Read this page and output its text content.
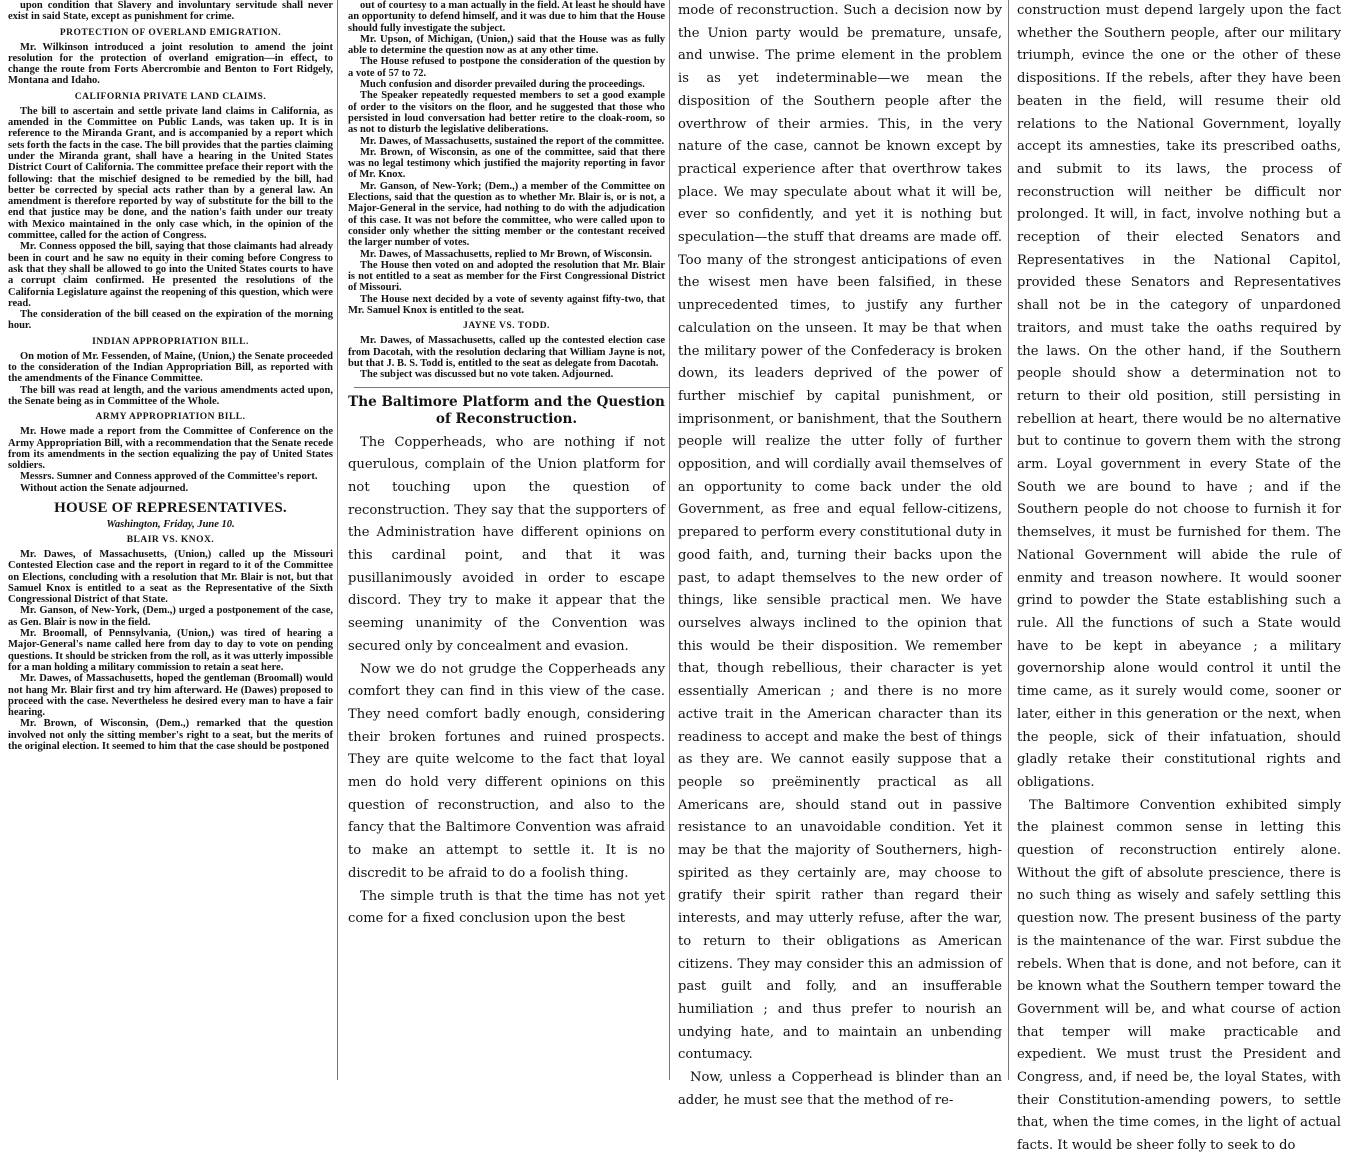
upon condition that Slavery and involuntary servitude shall never exist in said State, except as punishment for crime.

PROTECTION OF OVERLAND EMIGRATION.

Mr. Wilkinson introduced a joint resolution to amend the joint resolution for the protection of overland emigration—in effect, to change the route from Forts Abercrombie and Benton to Fort Ridgely, Montana and Idaho.

CALIFORNIA PRIVATE LAND CLAIMS.

The bill to ascertain and settle private land claims in California, as amended in the Committee on Public Lands, was taken up. It is in reference to the Miranda Grant, and is accompanied by a report which sets forth the facts in the case. The bill provides that the parties claiming under the Miranda grant, shall have a hearing in the United States District Court of California. The committee preface their report with the following: that the mischief designed to be remedied by the bill, had better be corrected by special acts rather than by a general law. An amendment is therefore reported by way of substitute for the bill to the end that justice may be done, and the nation's faith under our treaty with Mexico maintained in the only case which, in the opinion of the committee, called for the action of Congress.

Mr. Conness opposed the bill, saying that those claimants had already been in court and he saw no equity in their coming before Congress to ask that they shall be allowed to go into the United States courts to have a corrupt claim confirmed. He presented the resolutions of the California Legislature against the reopening of this question, which were read.

The consideration of the bill ceased on the expiration of the morning hour.

INDIAN APPROPRIATION BILL.

On motion of Mr. Fessenden, of Maine, (Union,) the Senate proceeded to the consideration of the Indian Appropriation Bill, as reported with the amendments of the Finance Committee.

The bill was read at length, and the various amendments acted upon, the Senate being as in Committee of the Whole.

ARMY APPROPRIATION BILL.

Mr. Howe made a report from the Committee of Conference on the Army Appropriation Bill, with a recommendation that the Senate recede from its amendments in the section equalizing the pay of United States soldiers.

Messrs. Sumner and Conness approved of the Committee's report.

Without action the Senate adjourned.

HOUSE OF REPRESENTATIVES.
Washington, Friday, June 10.
BLAIR VS. KNOX.

Mr. Dawes, of Massachusetts, (Union,) called up the Missouri Contested Election case and the report in regard to it of the Committee on Elections, concluding with a resolution that Mr. Blair is not, but that Samuel Knox is entitled to a seat as the Representative of the Sixth Congressional District of that State.

Mr. Ganson, of New-York, (Dem.,) urged a postponement of the case, as Gen. Blair is now in the field.

Mr. Broomall, of Pennsylvania, (Union,) was tired of hearing a Major-General's name called here from day to day to vote on pending questions. It should be stricken from the roll, as it was utterly impossible for a man holding a military commission to retain a seat here.

Mr. Dawes, of Massachusetts, hoped the gentleman (Broomall) would not hang Mr. Blair first and try him afterward. He (Dawes) proposed to proceed with the case. Nevertheless he desired every man to have a fair hearing.

Mr. Brown, of Wisconsin, (Dem.,) remarked that the question involved not only the sitting member's right to a seat, but the merits of the original election. It seemed to him that the case should be postponed

out of courtesy to a man actually in the field. At least he should have an opportunity to defend himself, and it was due to him that the House should fully investigate the subject.

Mr. Upson, of Michigan, (Union,) said that the House was as fully able to determine the question now as at any other time.

The House refused to postpone the consideration of the question by a vote of 57 to 72.

Much confusion and disorder prevailed during the proceedings.

The Speaker repeatedly requested members to set a good example of order to the visitors on the floor, and he suggested that those who persisted in loud conversation had better retire to the cloak-room, so as not to disturb the legislative deliberations.

Mr. Dawes, of Massachusetts, sustained the report of the committee.

Mr. Brown, of Wisconsin, as one of the committee, said that there was no legal testimony which justified the majority reporting in favor of Mr. Knox.

Mr. Ganson, of New-York; (Dem.,) a member of the Committee on Elections, said that the question as to whether Mr. Blair is, or is not, a Major-General in the service, had nothing to do with the adjudication of this case. It was not before the committee, who were called upon to consider only whether the sitting member or the contestant received the larger number of votes.

Mr. Dawes, of Massachusetts, replied to Mr Brown, of Wisconsin.

The House then voted on and adopted the resolution that Mr. Blair is not entitled to a seat as member for the First Congressional District of Missouri.

The House next decided by a vote of seventy against fifty-two, that Mr. Samuel Knox is entitled to the seat.

JAYNE VS. TODD.

Mr. Dawes, of Massachusetts, called up the contested election case from Dacotah, with the resolution declaring that William Jayne is not, but that J. B. S. Todd is, entitled to the seat as delegate from Dacotah.

The subject was discussed but no vote taken. Adjourned.

The Baltimore Platform and the Question of Reconstruction.

The Copperheads, who are nothing if not querulous, complain of the Union platform for not touching upon the question of reconstruction. They say that the supporters of the Administration have different opinions on this cardinal point, and that it was pusillanimously avoided in order to escape discord. They try to make it appear that the seeming unanimity of the Convention was secured only by concealment and evasion.

Now we do not grudge the Copperheads any comfort they can find in this view of the case. They need comfort badly enough, considering their broken fortunes and ruined prospects. They are quite welcome to the fact that loyal men do hold very different opinions on this question of reconstruction, and also to the fancy that the Baltimore Convention was afraid to make an attempt to settle it. It is no discredit to be afraid to do a foolish thing.

The simple truth is that the time has not yet come for a fixed conclusion upon the best

mode of reconstruction. Such a decision now by the Union party would be premature, unsafe, and unwise. The prime element in the problem is as yet indeterminable—we mean the disposition of the Southern people after the overthrow of their armies. This, in the very nature of the case, cannot be known except by practical experience after that overthrow takes place. We may speculate about what it will be, ever so confidently, and yet it is nothing but speculation—the stuff that dreams are made off. Too many of the strongest anticipations of even the wisest men have been falsified, in these unprecedented times, to justify any further calculation on the unseen. It may be that when the military power of the Confederacy is broken down, its leaders deprived of the power of further mischief by capital punishment, or imprisonment, or banishment, that the Southern people will realize the utter folly of further opposition, and will cordially avail themselves of an opportunity to come back under the old Government, as free and equal fellow-citizens, prepared to perform every constitutional duty in good faith, and, turning their backs upon the past, to adapt themselves to the new order of things, like sensible practical men. We have ourselves always inclined to the opinion that this would be their disposition. We remember that, though rebellious, their character is yet essentially American ; and there is no more active trait in the American character than its readiness to accept and make the best of things as they are. We cannot easily suppose that a people so preëminently practical as all Americans are, should stand out in passive resistance to an unavoidable condition. Yet it may be that the majority of Southerners, high-spirited as they certainly are, may choose to gratify their spirit rather than regard their interests, and may utterly refuse, after the war, to return to their obligations as American citizens. They may consider this an admission of past guilt and folly, and an insufferable humiliation ; and thus prefer to nourish an undying hate, and to maintain an unbending contumacy.

Now, unless a Copperhead is blinder than an adder, he must see that the method of re-

construction must depend largely upon the fact whether the Southern people, after our military triumph, evince the one or the other of these dispositions. If the rebels, after they have been beaten in the field, will resume their old relations to the National Government, loyally accept its amnesties, take its prescribed oaths, and submit to its laws, the process of reconstruction will neither be difficult nor prolonged. It will, in fact, involve nothing but a reception of their elected Senators and Representatives in the National Capitol, provided these Senators and Representatives shall not be in the category of unpardoned traitors, and must take the oaths required by the laws. On the other hand, if the Southern people should show a determination not to return to their old position, still persisting in rebellion at heart, there would be no alternative but to continue to govern them with the strong arm. Loyal government in every State of the South we are bound to have ; and if the Southern people do not choose to furnish it for themselves, it must be furnished for them. The National Government will abide the rule of enmity and treason nowhere. It would sooner grind to powder the State establishing such a rule. All the functions of such a State would have to be kept in abeyance ; a military governorship alone would control it until the time came, as it surely would come, sooner or later, either in this generation or the next, when the people, sick of their infatuation, should gladly retake their constitutional rights and obligations.

The Baltimore Convention exhibited simply the plainest common sense in letting this question of reconstruction entirely alone. Without the gift of absolute prescience, there is no such thing as wisely and safely settling this question now. The present business of the party is the maintenance of the war. First subdue the rebels. When that is done, and not before, can it be known what the Southern temper toward the Government will be, and what course of action that temper will make practicable and expedient. We must trust the President and Congress, and, if need be, the loyal States, with their Constitution-amending powers, to settle that, when the time comes, in the light of actual facts. It would be sheer folly to seek to do
